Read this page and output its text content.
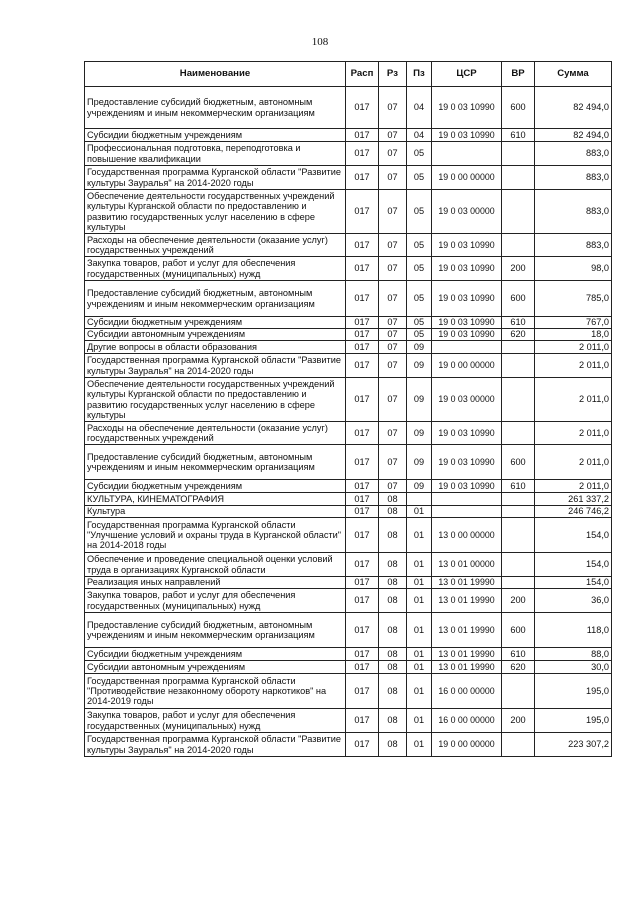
108
Наименование	Расп	Рз	Пз	ЦСР	ВР	Сумма
Предоставление субсидий бюджетным, автономным учреждениям и иным некоммерческим организациям	017	07	04	19 0 03 10990	600	82 494,0
Субсидии бюджетным учреждениям	017	07	04	19 0 03 10990	610	82 494,0
Профессиональная подготовка, переподготовка и повышение квалификации	017	07	05			883,0
Государственная программа Курганской области "Развитие культуры Зауралья" на 2014-2020 годы	017	07	05	19 0 00 00000		883,0
Обеспечение деятельности государственных учреждений культуры Курганской области по предоставлению и развитию государственных услуг населению в сфере культуры	017	07	05	19 0 03 00000		883,0
Расходы на обеспечение деятельности (оказание услуг) государственных учреждений	017	07	05	19 0 03 10990		883,0
Закупка товаров, работ и услуг для обеспечения государственных (муниципальных) нужд	017	07	05	19 0 03 10990	200	98,0
Предоставление субсидий бюджетным, автономным учреждениям и иным некоммерческим организациям	017	07	05	19 0 03 10990	600	785,0
Субсидии бюджетным учреждениям	017	07	05	19 0 03 10990	610	767,0
Субсидии автономным учреждениям	017	07	05	19 0 03 10990	620	18,0
Другие вопросы в области образования	017	07	09			2 011,0
Государственная программа Курганской области "Развитие культуры Зауралья" на 2014-2020 годы	017	07	09	19 0 00 00000		2 011,0
Обеспечение деятельности государственных учреждений культуры Курганской области по предоставлению и развитию государственных услуг населению в сфере культуры	017	07	09	19 0 03 00000		2 011,0
Расходы на обеспечение деятельности (оказание услуг) государственных учреждений	017	07	09	19 0 03 10990		2 011,0
Предоставление субсидий бюджетным, автономным учреждениям и иным некоммерческим организациям	017	07	09	19 0 03 10990	600	2 011,0
Субсидии бюджетным учреждениям	017	07	09	19 0 03 10990	610	2 011,0
КУЛЬТУРА, КИНЕМАТОГРАФИЯ	017	08				261 337,2
Культура	017	08	01			246 746,2
Государственная программа Курганской области "Улучшение условий и охраны труда в Курганской области" на 2014-2018 годы	017	08	01	13 0 00 00000		154,0
Обеспечение и проведение специальной оценки условий труда в организациях Курганской области	017	08	01	13 0 01 00000		154,0
Реализация иных направлений	017	08	01	13 0 01 19990		154,0
Закупка товаров, работ и услуг для обеспечения государственных (муниципальных) нужд	017	08	01	13 0 01 19990	200	36,0
Предоставление субсидий бюджетным, автономным учреждениям и иным некоммерческим организациям	017	08	01	13 0 01 19990	600	118,0
Субсидии бюджетным учреждениям	017	08	01	13 0 01 19990	610	88,0
Субсидии автономным учреждениям	017	08	01	13 0 01 19990	620	30,0
Государственная программа Курганской области "Противодействие незаконному обороту наркотиков" на 2014-2019 годы	017	08	01	16 0 00 00000		195,0
Закупка товаров, работ и услуг для обеспечения государственных (муниципальных) нужд	017	08	01	16 0 00 00000	200	195,0
Государственная программа Курганской области "Развитие культуры Зауралья" на 2014-2020 годы	017	08	01	19 0 00 00000		223 307,2
